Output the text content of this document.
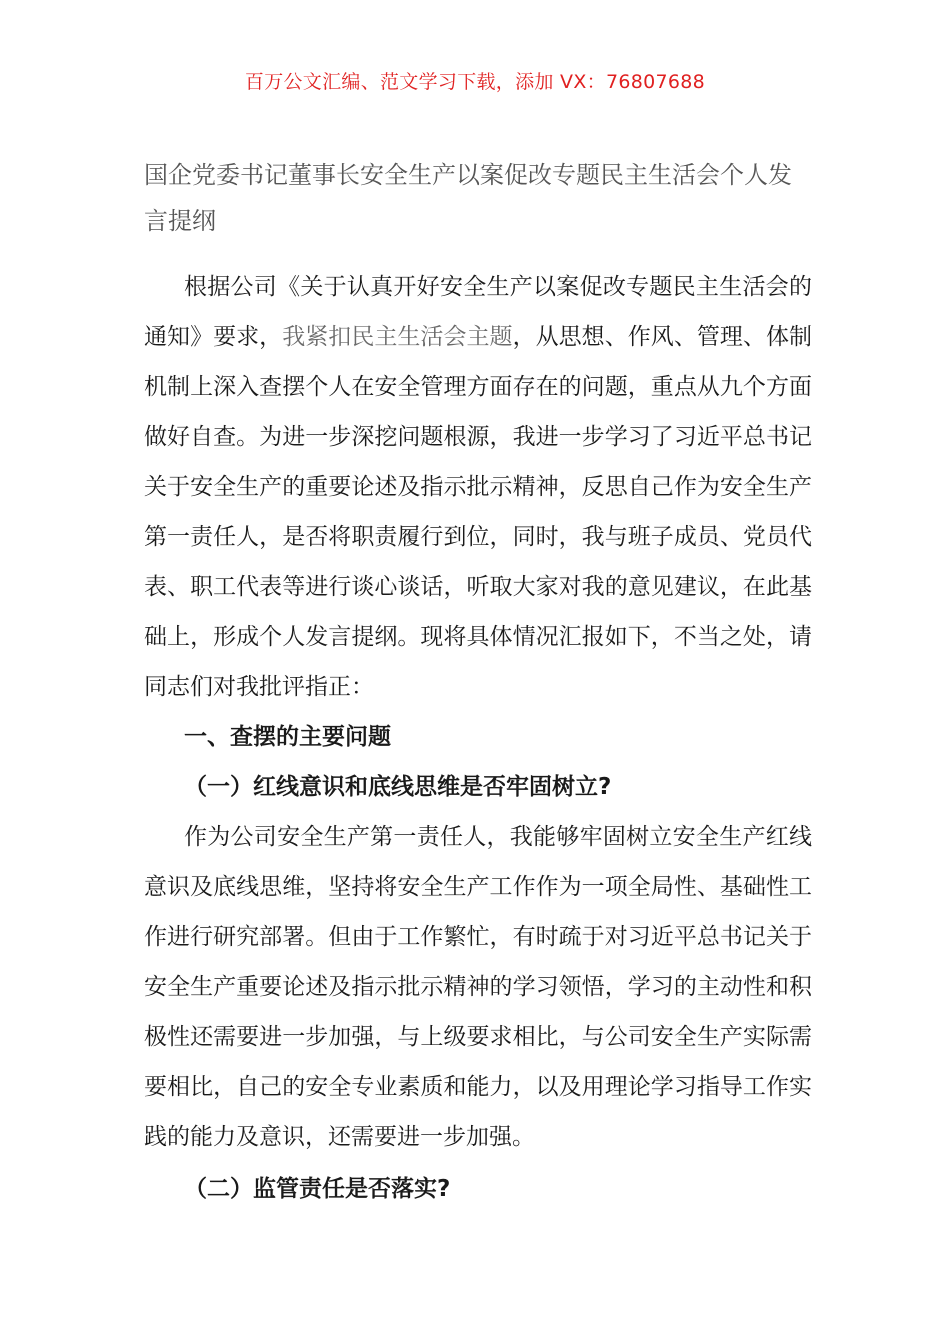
百万公文汇编、范文学习下载，添加 VX：76807688
国企党委书记董事长安全生产以案促改专题民主生活会个人发言提纲

根据公司《关于认真开好安全生产以案促改专题民主生活会的通知》要求，我紧扣民主生活会主题，从思想、作风、管理、体制机制上深入查摆个人在安全管理方面存在的问题，重点从九个方面做好自查。为进一步深挖问题根源，我进一步学习了习近平总书记关于安全生产的重要论述及指示批示精神，反思自己作为安全生产第一责任人，是否将职责履行到位，同时，我与班子成员、党员代表、职工代表等进行谈心谈话，听取大家对我的意见建议，在此基础上，形成个人发言提纲。现将具体情况汇报如下，不当之处，请同志们对我批评指正：

一、查摆的主要问题
（一）红线意识和底线思维是否牢固树立?

作为公司安全生产第一责任人，我能够牢固树立安全生产红线意识及底线思维，坚持将安全生产工作作为一项全局性、基础性工作进行研究部署。但由于工作繁忙，有时疏于对习近平总书记关于安全生产重要论述及指示批示精神的学习领悟，学习的主动性和积极性还需要进一步加强，与上级要求相比，与公司安全生产实际需要相比，自己的安全专业素质和能力，以及用理论学习指导工作实践的能力及意识，还需要进一步加强。

（二）监管责任是否落实?
